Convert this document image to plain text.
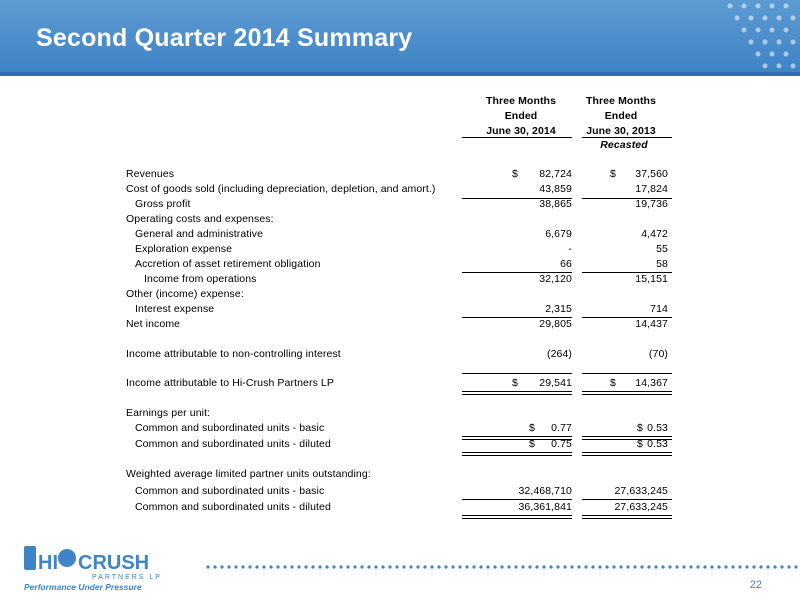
Second Quarter 2014 Summary
Three Months
Ended
June 30, 2014
Three Months
Ended
June 30, 2013
Recasted
Revenues	$	82,724	$	37,560
Cost of goods sold (including depreciation, depletion, and amort.)	43,859	17,824
Gross profit	38,865	19,736
Operating costs and expenses:
General and administrative	6,679	4,472
Exploration expense	-	55
Accretion of asset retirement obligation	66	58
Income from operations	32,120	15,151
Other (income) expense:
Interest expense	2,315	714
Net income	29,805	14,437
Income attributable to non-controlling interest	(264)	(70)
Income attributable to Hi-Crush Partners LP	$	29,541	$	14,367
Earnings per unit:
Common and subordinated units - basic	$	0.77	$ 0.53
Common and subordinated units - diluted	$	0.75	$ 0.53
Weighted average limited partner units outstanding:
Common and subordinated units - basic	32,468,710	27,633,245
Common and subordinated units - diluted	36,361,841	27,633,245
HI CRUSH
PARTNERS LP
Performance Under Pressure	22
